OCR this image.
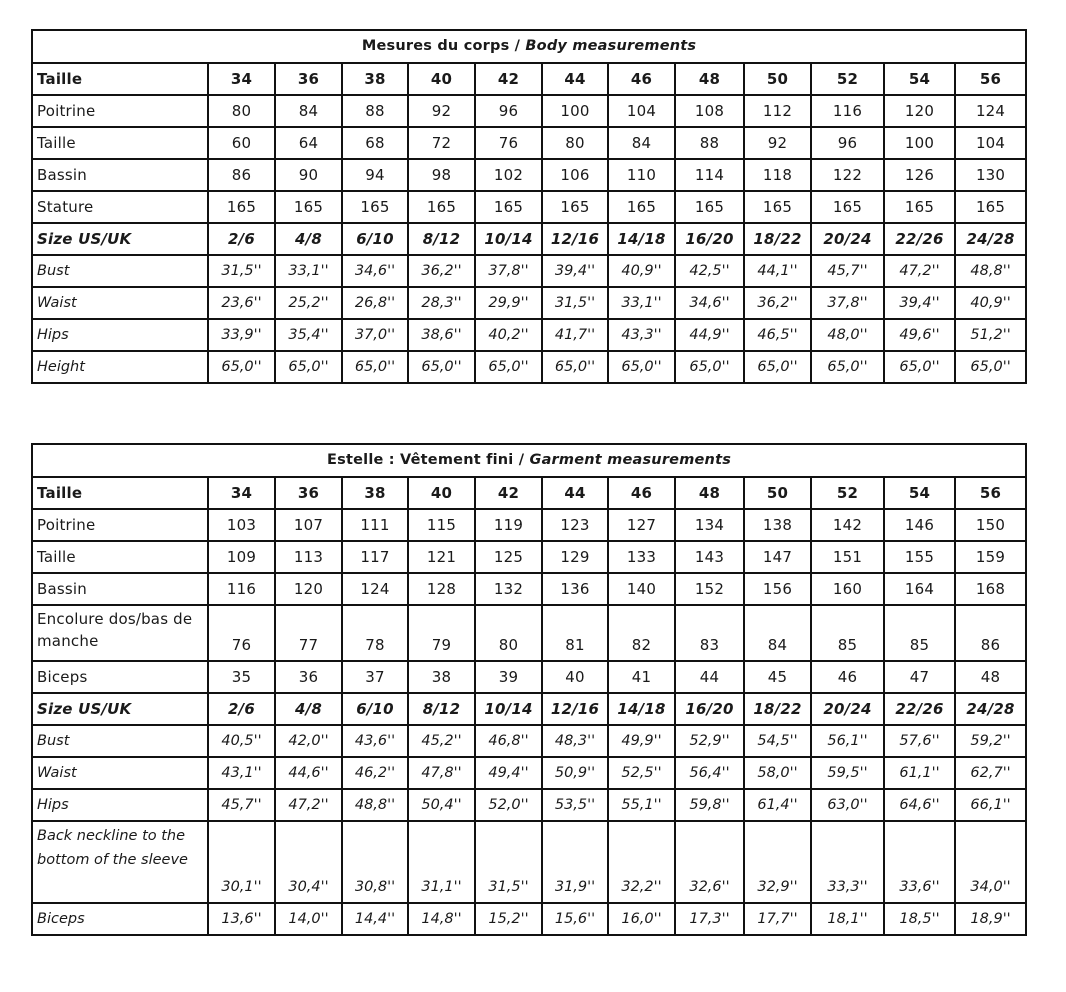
Mesures du corps / Body measurements												
Taille	34	36	38	40	42	44	46	48	50	52	54	56
Poitrine	80	84	88	92	96	100	104	108	112	116	120	124
Taille	60	64	68	72	76	80	84	88	92	96	100	104
Bassin	86	90	94	98	102	106	110	114	118	122	126	130
Stature	165	165	165	165	165	165	165	165	165	165	165	165
Size US/UK	2/6	4/8	6/10	8/12	10/14	12/16	14/18	16/20	18/22	20/24	22/26	24/28
Bust	31,5''	33,1''	34,6''	36,2''	37,8''	39,4''	40,9''	42,5''	44,1''	45,7''	47,2''	48,8''
Waist	23,6''	25,2''	26,8''	28,3''	29,9''	31,5''	33,1''	34,6''	36,2''	37,8''	39,4''	40,9''
Hips	33,9''	35,4''	37,0''	38,6''	40,2''	41,7''	43,3''	44,9''	46,5''	48,0''	49,6''	51,2''
Height	65,0''	65,0''	65,0''	65,0''	65,0''	65,0''	65,0''	65,0''	65,0''	65,0''	65,0''	65,0''
Estelle : Vêtement fini / Garment measurements												
Taille	34	36	38	40	42	44	46	48	50	52	54	56
Poitrine	103	107	111	115	119	123	127	134	138	142	146	150
Taille	109	113	117	121	125	129	133	143	147	151	155	159
Bassin	116	120	124	128	132	136	140	152	156	160	164	168
Encolure dos/bas de manche	76	77	78	79	80	81	82	83	84	85	85	86
Biceps	35	36	37	38	39	40	41	44	45	46	47	48
Size US/UK	2/6	4/8	6/10	8/12	10/14	12/16	14/18	16/20	18/22	20/24	22/26	24/28
Bust	40,5''	42,0''	43,6''	45,2''	46,8''	48,3''	49,9''	52,9''	54,5''	56,1''	57,6''	59,2''
Waist	43,1''	44,6''	46,2''	47,8''	49,4''	50,9''	52,5''	56,4''	58,0''	59,5''	61,1''	62,7''
Hips	45,7''	47,2''	48,8''	50,4''	52,0''	53,5''	55,1''	59,8''	61,4''	63,0''	64,6''	66,1''
Back neckline to the bottom of the sleeve	30,1''	30,4''	30,8''	31,1''	31,5''	31,9''	32,2''	32,6''	32,9''	33,3''	33,6''	34,0''
Biceps	13,6''	14,0''	14,4''	14,8''	15,2''	15,6''	16,0''	17,3''	17,7''	18,1''	18,5''	18,9''
